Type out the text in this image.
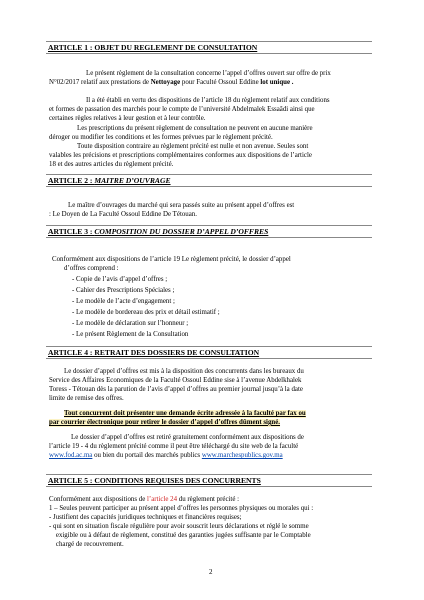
ARTICLE 1 : OBJET DU REGLEMENT DE CONSULTATION
Le présent règlement de la consultation concerne l’appel d’offres ouvert sur offre de prix
N°02/2017 relatif aux prestations de Nettoyage pour Faculté Ossoul Eddine lot unique .
Il a été établi en vertu des dispositions de l’article 18 du règlement relatif aux conditions
et formes de passation des marchés pour le compte de l’université Abdelmalek Essaâdi ainsi que
certaines règles relatives à leur gestion et à leur contrôle.
Les prescriptions du présent règlement de consultation ne peuvent en aucune manière
déroger ou modifier les conditions et les formes prévues par le règlement précité.
Toute disposition contraire au règlement précité est nulle et non avenue. Seules sont
valables les précisions et prescriptions complémentaires conformes aux dispositions de l’article
18 et des autres articles du règlement précité.
ARTICLE 2 : MAITRE D’OUVRAGE
Le maître d’ouvrages du marché qui sera passés suite au présent appel d’offres est
: Le Doyen de La Faculté Ossoul Eddine De Tétouan.
ARTICLE 3 : COMPOSITION DU DOSSIER D’APPEL D’OFFRES
Conformément aux dispositions de l’article 19 Le règlement précité, le dossier d’appel
d’offres comprend :
- Copie de l’avis d’appel d’offres ;
- Cahier des Prescriptions Spéciales ;
- Le modèle de l’acte d’engagement ;
- Le modèle de bordereau des prix et détail estimatif ;
- Le modèle de déclaration sur l’honneur ;
- Le présent Règlement de la Consultation
ARTICLE 4 : RETRAIT DES DOSSIERS DE CONSULTATION
Le dossier d’appel d’offres est mis à la disposition des concurrents dans les bureaux du
Service des Affaires Economiques de la Faculté Ossoul Eddine sise à l’avenue Abdelkhalek
Toress - Tétouan dès la parution de l’avis d’appel d’offres au premier journal jusqu’à la date
limite de remise des offres.
Tout concurrent doit présenter une demande écrite adressée à la faculté par fax ou
par courrier électronique pour retirer le dossier d’appel d’offres dûment signé.
Le dossier d’appel d’offres est retiré gratuitement conformément aux dispositions de
l’article 19 - 4 du règlement précité comme il peut être téléchargé du site web de la faculté
www.fod.ac.ma ou bien du portail des marchés publics www.marchespublics.gov.ma
ARTICLE 5 : CONDITIONS REQUISES DES CONCURRENTS
Conformément aux dispositions de l’article 24 du règlement précité :
1 – Seules peuvent participer au présent appel d’offres les personnes physiques ou morales qui :
- Justifient des capacités juridiques techniques et financières requises;
- qui sont en situation fiscale régulière pour avoir souscrit leurs déclarations et réglé le somme
exigible ou à défaut de règlement, constitué des garanties jugées suffisante par le Comptable
chargé de recouvrement.
2
